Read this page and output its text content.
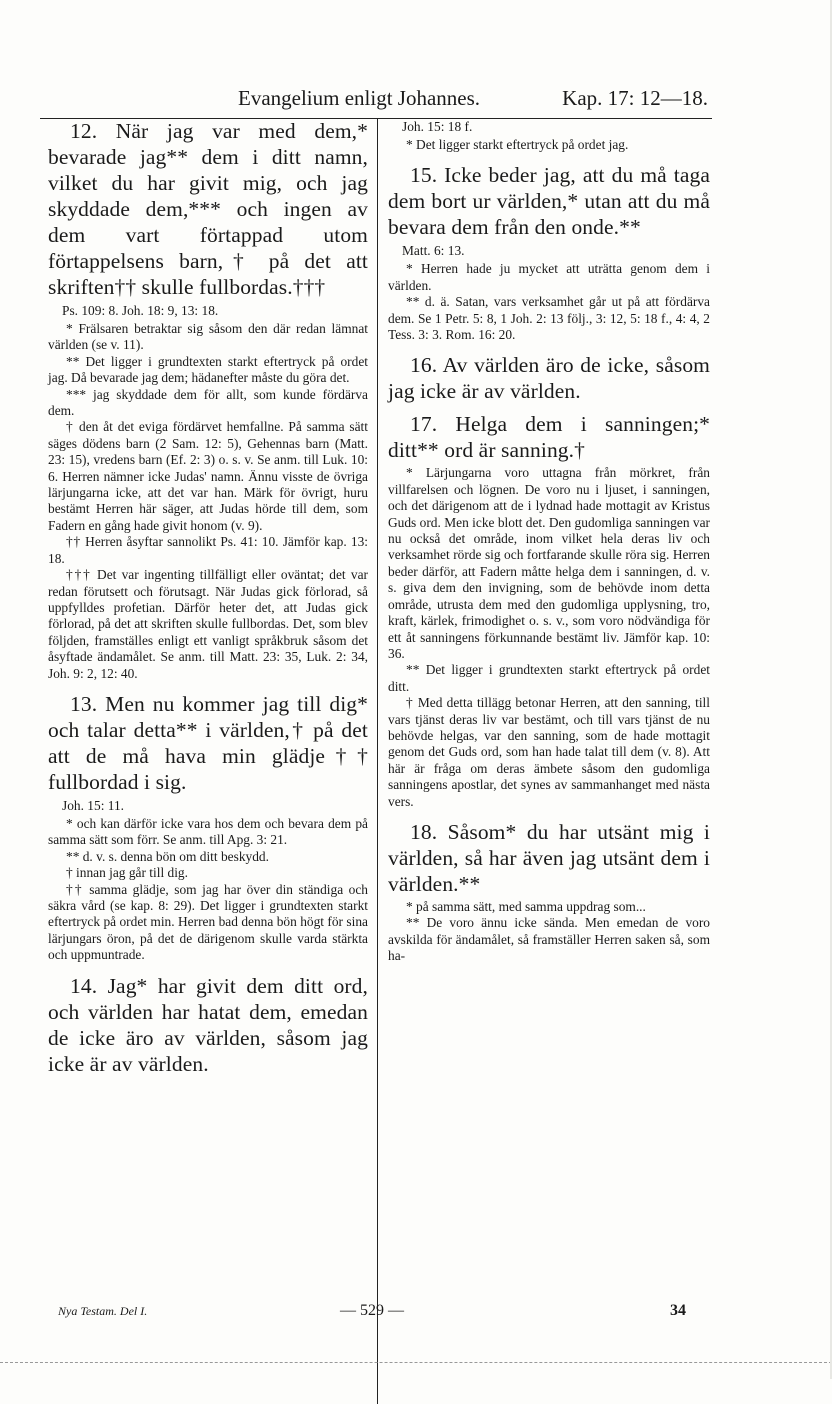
Evangelium enligt Johannes.	Kap. 17: 12—18.

12. När jag var med dem,* bevarade jag** dem i ditt namn, vilket du har givit mig, och jag skyddade dem,*** och ingen av dem vart förtappad utom förtappelsens barn,† på det att skriften†† skulle fullbordas.†††

Ps. 109: 8. Joh. 18: 9, 13: 18.

* Frälsaren betraktar sig såsom den där redan lämnat världen (se v. 11).

** Det ligger i grundtexten starkt eftertryck på ordet jag. Då bevarade jag dem; hädanefter måste du göra det.

*** jag skyddade dem för allt, som kunde fördärva dem.

† den åt det eviga fördärvet hemfallne. På samma sätt säges dödens barn (2 Sam. 12: 5), Gehennas barn (Matt. 23: 15), vredens barn (Ef. 2: 3) o. s. v. Se anm. till Luk. 10: 6. Herren nämner icke Judas' namn. Ännu visste de övriga lärjungarna icke, att det var han. Märk för övrigt, huru bestämt Herren här säger, att Judas hörde till dem, som Fadern en gång hade givit honom (v. 9).

†† Herren åsyftar sannolikt Ps. 41: 10. Jämför kap. 13: 18.

††† Det var ingenting tillfälligt eller oväntat; det var redan förutsett och förutsagt. När Judas gick förlorad, så uppfylldes profetian. Därför heter det, att Judas gick förlorad, på det att skriften skulle fullbordas. Det, som blev följden, framställes enligt ett vanligt språkbruk såsom det åsyftade ändamålet. Se anm. till Matt. 23: 35, Luk. 2: 34, Joh. 9: 2, 12: 40.

13. Men nu kommer jag till dig* och talar detta** i världen,† på det att de må hava min glädje†† fullbordad i sig.

Joh. 15: 11.

* och kan därför icke vara hos dem och bevara dem på samma sätt som förr. Se anm. till Apg. 3: 21.

** d. v. s. denna bön om ditt beskydd.

† innan jag går till dig.

†† samma glädje, som jag har över din ständiga och säkra vård (se kap. 8: 29). Det ligger i grundtexten starkt eftertryck på ordet min. Herren bad denna bön högt för sina lärjungars öron, på det de därigenom skulle varda stärkta och uppmuntrade.

14. Jag* har givit dem ditt ord, och världen har hatat dem, emedan de icke äro av världen, såsom jag icke är av världen.

Joh. 15: 18 f.

* Det ligger starkt eftertryck på ordet jag.

15. Icke beder jag, att du må taga dem bort ur världen,* utan att du må bevara dem från den onde.**

Matt. 6: 13.

* Herren hade ju mycket att uträtta genom dem i världen.

** d. ä. Satan, vars verksamhet går ut på att fördärva dem. Se 1 Petr. 5: 8, 1 Joh. 2: 13 följ., 3: 12, 5: 18 f., 4: 4, 2 Tess. 3: 3. Rom. 16: 20.

16. Av världen äro de icke, såsom jag icke är av världen.

17. Helga dem i sanningen;* ditt** ord är sanning.†

* Lärjungarna voro uttagna från mörkret, från villfarelsen och lögnen. De voro nu i ljuset, i sanningen, och det därigenom att de i lydnad hade mottagit av Kristus Guds ord. Men icke blott det. Den gudomliga sanningen var nu också det område, inom vilket hela deras liv och verksamhet rörde sig och fortfarande skulle röra sig. Herren beder därför, att Fadern måtte helga dem i sanningen, d. v. s. giva dem den invigning, som de behövde inom detta område, utrusta dem med den gudomliga upplysning, tro, kraft, kärlek, frimodighet o. s. v., som voro nödvändiga för ett åt sanningens förkunnande bestämt liv. Jämför kap. 10: 36.

** Det ligger i grundtexten starkt eftertryck på ordet ditt.

† Med detta tillägg betonar Herren, att den sanning, till vars tjänst deras liv var bestämt, och till vars tjänst de nu behövde helgas, var den sanning, som de hade mottagit genom det Guds ord, som han hade talat till dem (v. 8). Att här är fråga om deras ämbete såsom den gudomliga sanningens apostlar, det synes av sammanhanget med nästa vers.

18. Såsom* du har utsänt mig i världen, så har även jag utsänt dem i världen.**

* på samma sätt, med samma uppdrag som...

** De voro ännu icke sända. Men emedan de voro avskilda för ändamålet, så framställer Herren saken så, som ha-

Nya Testam. Del I.	— 529 —	34
